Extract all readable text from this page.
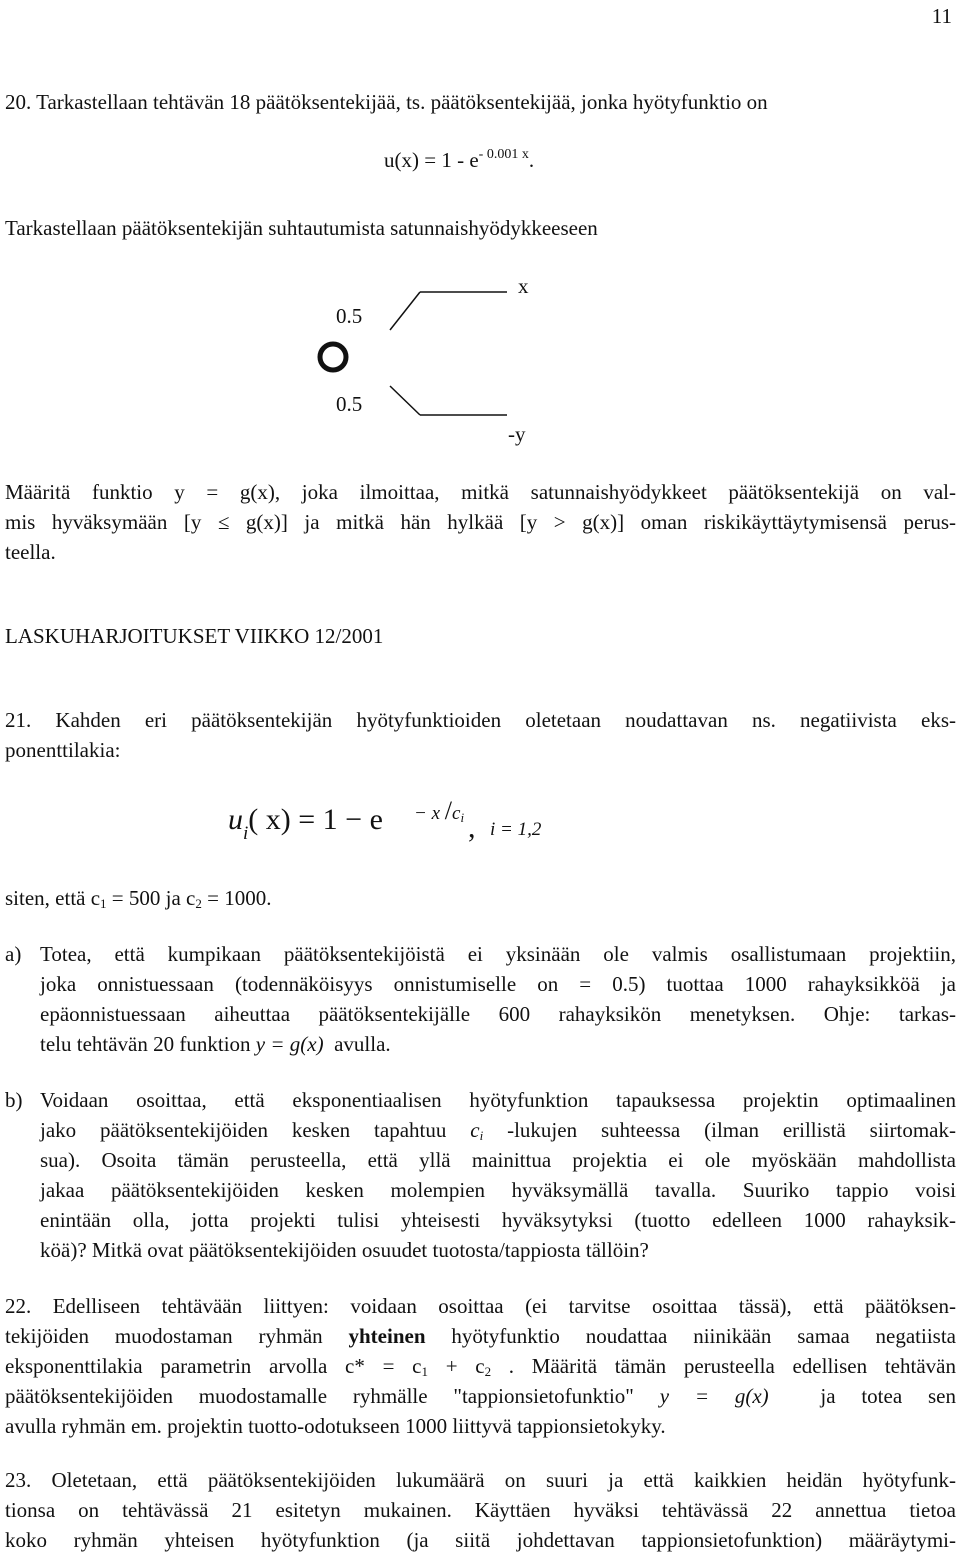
11
20. Tarkastellaan tehtävän 18 päätöksentekijää, ts. päätöksentekijää, jonka hyötyfunktio on
$u(x) = 1 - e^{- 0.001 x}$.
Tarkastellaan päätöksentekijän suhtautumista satunnaishyödykkeeseen
0.5
0.5
x
-y
Määritä funktio y = g(x), joka ilmoittaa, mitkä satunnaishyödykkeet päätöksentekijä on val-
mis hyväksymään [y ≤ g(x)] ja mitkä hän hylkää [y > g(x)] oman riskikäyttäytymisensä perus-
teella.
LASKUHARJOITUKSET VIIKKO 12/2001
21. Kahden eri päätöksentekijän hyötyfunktioiden oletetaan noudattavan ns. negatiivista eks-
ponenttilakia:
$u_i$( x) = 1 − e − x $/c_i$ , i = 1,2
siten, että $c_1 = 500$ ja $c_2 = 1000$.
a) Totea, että kumpikaan päätöksentekijöistä ei yksinään ole valmis osallistumaan projektiin,
joka onnistuessaan (todennäköisyys onnistumiselle on = 0.5) tuottaa 1000 rahayksikköä ja
epäonnistuessaan aiheuttaa päätöksentekijälle 600 rahayksikön menetyksen. Ohje: tarkas-
telu tehtävän 20 funktion y = g(x)  avulla.
b) Voidaan osoittaa, että eksponentiaalisen hyötyfunktion tapauksessa projektin optimaalinen
jako päätöksentekijöiden kesken tapahtuu $c_i$ -lukujen suhteessa (ilman erillistä siirtomak-
sua). Osoita tämän perusteella, että yllä mainittua projektia ei ole myöskään mahdollista
jakaa päätöksentekijöiden kesken molempien hyväksymällä tavalla. Suuriko tappio voisi
enintään olla, jotta projekti tulisi yhteisesti hyväksytyksi (tuotto edelleen 1000 rahayksik-
köä)? Mitkä ovat päätöksentekijöiden osuudet tuotosta/tappiosta tällöin?
22. Edelliseen tehtävään liittyen: voidaan osoittaa (ei tarvitse osoittaa tässä), että päätöksen-
tekijöiden muodostaman ryhmän yhteinen hyötyfunktio noudattaa niinikään samaa negatiista
eksponenttilakia parametrin arvolla $c* = c_1 + c_2$ . Määritä tämän perusteella edellisen tehtävän
päätöksentekijöiden muodostamalle ryhmälle "tappionsietofunktio" y = g(x)  ja totea sen
avulla ryhmän em. projektin tuotto-odotukseen 1000 liittyvä tappionsietokyky.
23. Oletetaan, että päätöksentekijöiden lukumäärä on suuri ja että kaikkien heidän hyötyfunk-
tionsa on tehtävässä 21 esitetyn mukainen. Käyttäen hyväksi tehtävässä 22 annettua tietoa
koko ryhmän yhteisen hyötyfunktion (ja siitä johdettavan tappionsietofunktion) määräytymi-
